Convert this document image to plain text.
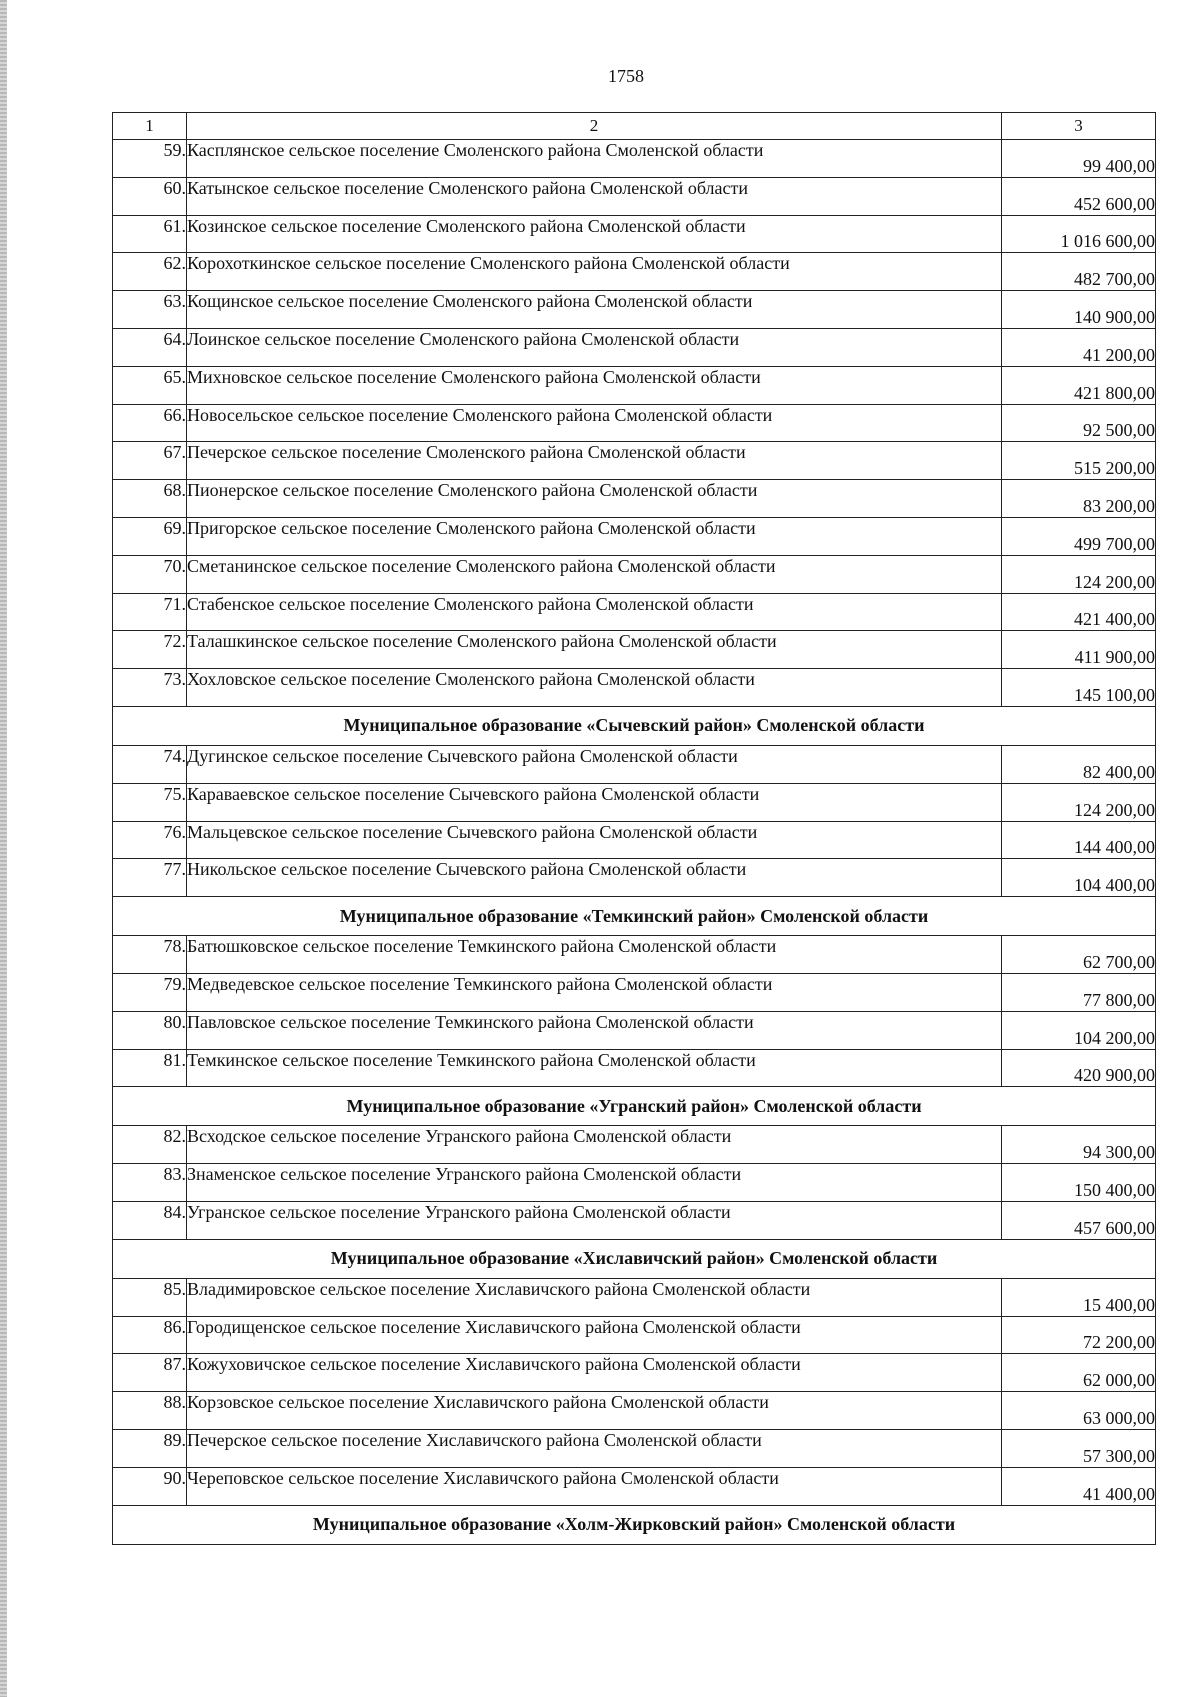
1758
1	2	3
59.	Касплянское сельское поселение Смоленского района Смоленской области	99 400,00
60.	Катынское сельское поселение Смоленского района Смоленской области	452 600,00
61.	Козинское сельское поселение Смоленского района Смоленской области	1 016 600,00
62.	Корохоткинское сельское поселение Смоленского района Смоленской области	482 700,00
63.	Кощинское сельское поселение Смоленского района Смоленской области	140 900,00
64.	Лоинское сельское поселение Смоленского района Смоленской области	41 200,00
65.	Михновское сельское поселение Смоленского района Смоленской области	421 800,00
66.	Новосельское сельское поселение Смоленского района Смоленской области	92 500,00
67.	Печерское сельское поселение Смоленского района Смоленской области	515 200,00
68.	Пионерское сельское поселение Смоленского района Смоленской области	83 200,00
69.	Пригорское сельское поселение Смоленского района Смоленской области	499 700,00
70.	Сметанинское сельское поселение Смоленского района Смоленской области	124 200,00
71.	Стабенское сельское поселение Смоленского района Смоленской области	421 400,00
72.	Талашкинское сельское поселение Смоленского района Смоленской области	411 900,00
73.	Хохловское сельское поселение Смоленского района Смоленской области	145 100,00
Муниципальное образование «Сычевский район» Смоленской области		
74.	Дугинское сельское поселение Сычевского района Смоленской области	82 400,00
75.	Караваевское сельское поселение Сычевского района Смоленской области	124 200,00
76.	Мальцевское сельское поселение Сычевского района Смоленской области	144 400,00
77.	Никольское сельское поселение Сычевского района Смоленской области	104 400,00
Муниципальное образование «Темкинский район» Смоленской области		
78.	Батюшковское сельское поселение Темкинского района Смоленской области	62 700,00
79.	Медведевское сельское поселение Темкинского района Смоленской области	77 800,00
80.	Павловское сельское поселение Темкинского района Смоленской области	104 200,00
81.	Темкинское сельское поселение Темкинского района Смоленской области	420 900,00
Муниципальное образование «Угранский район» Смоленской области		
82.	Всходское сельское поселение Угранского района Смоленской области	94 300,00
83.	Знаменское сельское поселение Угранского района Смоленской области	150 400,00
84.	Угранское сельское поселение Угранского района Смоленской области	457 600,00
Муниципальное образование «Хиславичский район» Смоленской области		
85.	Владимировское сельское поселение Хиславичского района Смоленской области	15 400,00
86.	Городищенское сельское поселение Хиславичского района Смоленской области	72 200,00
87.	Кожуховичское сельское поселение Хиславичского района Смоленской области	62 000,00
88.	Корзовское сельское поселение Хиславичского района Смоленской области	63 000,00
89.	Печерское сельское поселение Хиславичского района Смоленской области	57 300,00
90.	Череповское сельское поселение Хиславичского района Смоленской области	41 400,00
Муниципальное образование «Холм-Жирковский район» Смоленской области		
